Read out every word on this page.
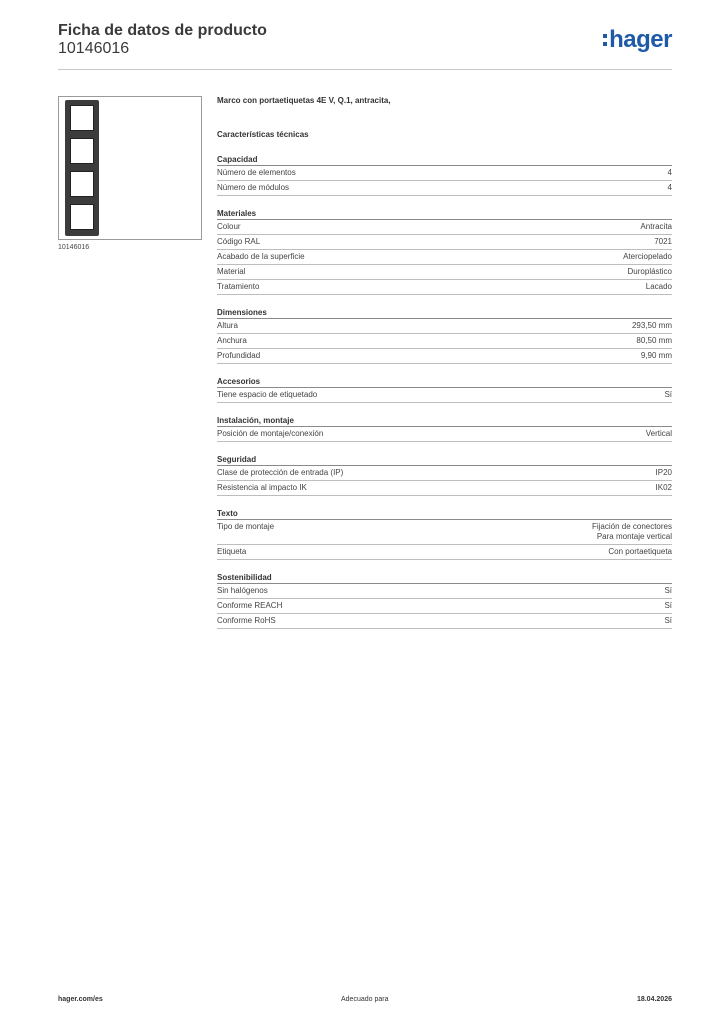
Ficha de datos de producto
10146016	hager
10146016
Marco con portaetiquetas 4E V, Q.1, antracita,
Características técnicas
Capacidad
Número de elementos	4
Número de módulos	4
Materiales
Colour	Antracita
Código RAL	7021
Acabado de la superficie	Aterciopelado
Material	Duroplástico
Tratamiento	Lacado
Dimensiones
Altura	293,50 mm
Anchura	80,50 mm
Profundidad	9,90 mm
Accesorios
Tiene espacio de etiquetado	Sí
Instalación, montaje
Posición de montaje/conexión	Vertical
Seguridad
Clase de protección de entrada (IP)	IP20
Resistencia al impacto IK	IK02
Texto
Tipo de montaje	Fijación de conectores
Para montaje vertical
Etiqueta	Con portaetiqueta
Sostenibilidad
Sin halógenos	Sí
Conforme REACH	Sí
Conforme RoHS	Sí
hager.com/es	Adecuado para	18.04.2026
